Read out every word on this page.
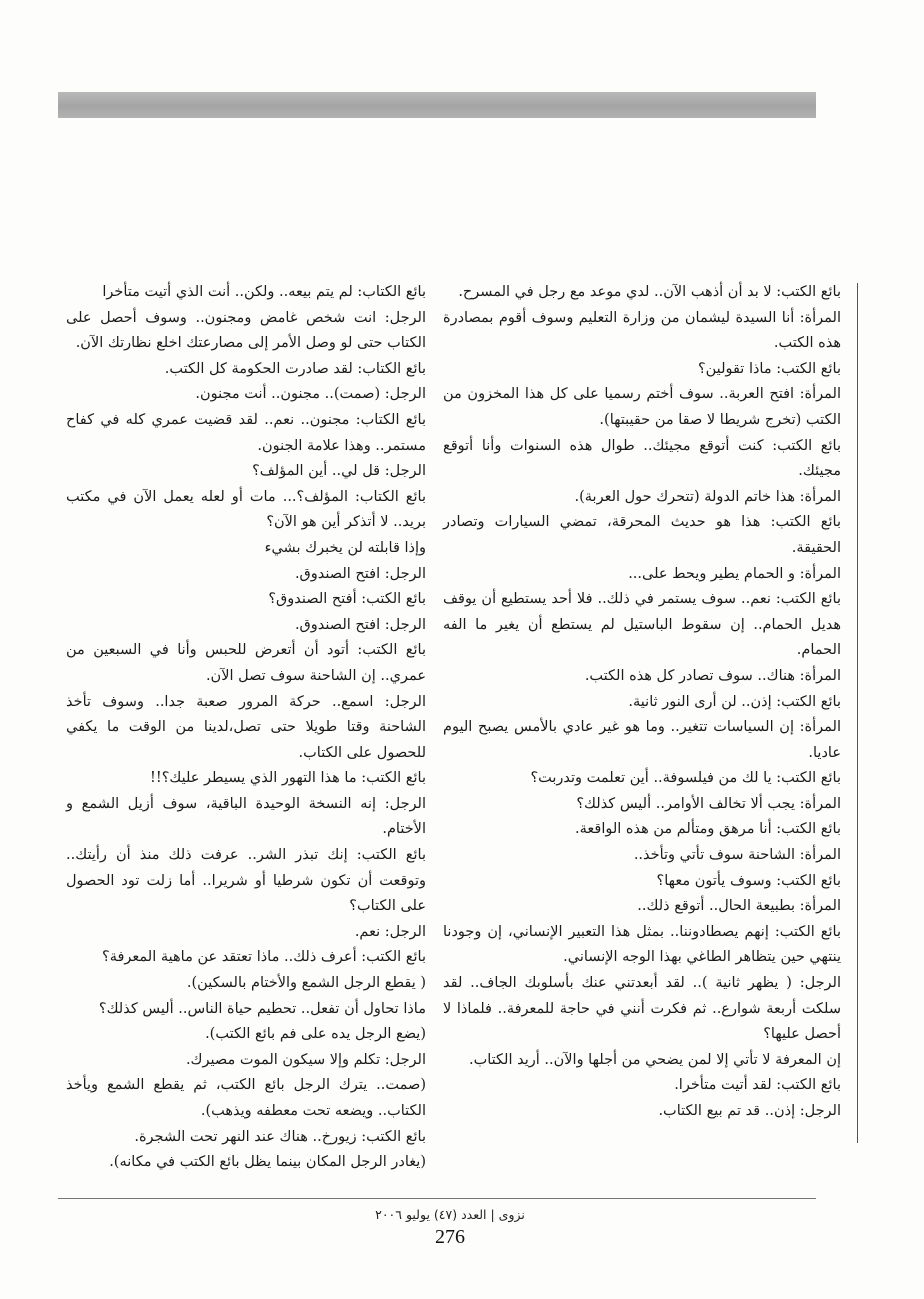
بائع الكتب: لا بد أن أذهب الآن.. لدي موعد مع رجل في المسرح.

المرأة: أنا السيدة ليشمان من وزارة التعليم وسوف أقوم بمصادرة هذه الكتب.

بائع الكتب: ماذا تقولين؟

المرأة: افتح العربة.. سوف أختم رسميا على كل هذا المخزون من الكتب (تخرج شريطا لا صقا من حقيبتها).

بائع الكتب: كنت أتوقع مجيئك.. طوال هذه السنوات وأنا أتوقع مجيئك.

المرأة: هذا خاتم الدولة (تتحرك حول العربة).

بائع الكتب: هذا هو حديث المحرقة، تمضي السيارات وتصادر الحقيقة.

المرأة: و الحمام يطير ويحط على...

بائع الكتب: نعم.. سوف يستمر في ذلك.. فلا أحد يستطيع أن يوقف هديل الحمام.. إن سقوط الباستيل لم يستطع أن يغير ما الفه الحمام.

المرأة: هناك.. سوف تصادر كل هذه الكتب.

بائع الكتب: إذن.. لن أرى النور ثانية.

المرأة: إن السياسات تتغير.. وما هو غير عادي بالأمس يصبح اليوم عاديا.

بائع الكتب: يا لك من فيلسوفة.. أين تعلمت وتدربت؟

المرأة: يجب ألا تخالف الأوامر.. أليس كذلك؟

بائع الكتب: أنا مرهق ومتألم من هذه الواقعة.

المرأة: الشاحنة سوف تأتي وتأخذ..

بائع الكتب: وسوف يأتون معها؟

المرأة: بطبيعة الحال.. أتوقع ذلك..

بائع الكتب: إنهم يصطادوننا.. بمثل هذا التعبير الإنساني، إن وجودنا ينتهي حين يتظاهر الطاغي بهذا الوجه الإنساني.

الرجل: ( يظهر ثانية ).. لقد أبعدتني عنك بأسلوبك الجاف.. لقد سلكت أربعة شوارع.. ثم فكرت أنني في حاجة للمعرفة.. فلماذا لا أحصل عليها؟

إن المعرفة لا تأتي إلا لمن يضحي من أجلها والآن.. أريد الكتاب.

بائع الكتب: لقد أتيت متأخرا.

الرجل: إذن.. قد تم بيع الكتاب.

بائع الكتاب: لم يتم بيعه.. ولكن.. أنت الذي أتيت متأخرا

الرجل: انت شخص غامض ومجنون.. وسوف أحصل على الكتاب حتى لو وصل الأمر إلى مصارعتك اخلع نظارتك الآن.

بائع الكتاب: لقد صادرت الحكومة كل الكتب.

الرجل: (صمت).. مجنون.. أنت مجنون.

بائع الكتاب: مجنون.. نعم.. لقد قضيت عمري كله في كفاح مستمر.. وهذا علامة الجنون.

الرجل: قل لي.. أين المؤلف؟

بائع الكتاب: المؤلف؟... مات أو لعله يعمل الآن في مكتب بريد.. لا أتذكر أين هو الآن؟

وإذا قابلته لن يخبرك بشيء

الرجل: افتح الصندوق.

بائع الكتب: أفتح الصندوق؟

الرجل: افتح الصندوق.

بائع الكتب: أتود أن أتعرض للحبس وأنا في السبعين من عمري.. إن الشاحنة سوف تصل الآن.

الرجل: اسمع.. حركة المرور صعبة جدا.. وسوف تأخذ الشاحنة وقتا طويلا حتى تصل،لدينا من الوقت ما يكفي للحصول على الكتاب.

بائع الكتب: ما هذا التهور الذي يسيطر عليك؟!!

الرجل: إنه النسخة الوحيدة الباقية، سوف أزيل الشمع و الأختام.

بائع الكتب: إنك تبذر الشر.. عرفت ذلك منذ أن رأيتك.. وتوقعت أن تكون شرطيا أو شريرا.. أما زلت تود الحصول على الكتاب؟

الرجل: نعم.

بائع الكتب: أعرف ذلك.. ماذا تعتقد عن ماهية المعرفة؟

( يقطع الرجل الشمع والأختام بالسكين).

ماذا تحاول أن تفعل.. تحطيم حياة الناس.. أليس كذلك؟

(يضع الرجل يده على فم بائع الكتب).

الرجل: تكلم وإلا سيكون الموت مصيرك.

(صمت.. يترك الرجل بائع الكتب، ثم يقطع الشمع ويأخذ الكتاب.. ويضعه تحت معطفه ويذهب).

بائع الكتب: زيورخ.. هناك عند النهر تحت الشجرة.

(يغادر الرجل المكان بينما يظل بائع الكتب في مكانه).

نزوى | العدد (٤٧) يوليو ٢٠٠٦
276
